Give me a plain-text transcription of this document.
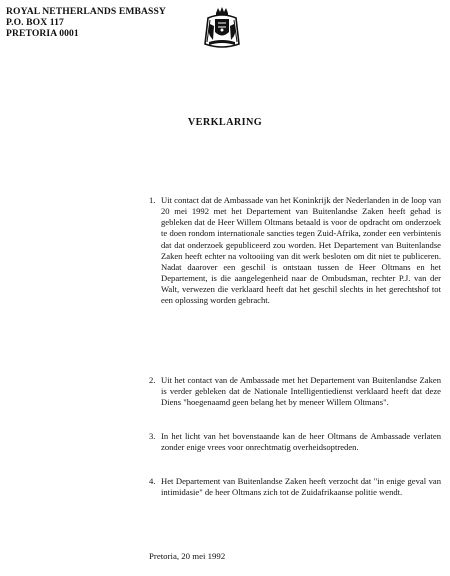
ROYAL NETHERLANDS EMBASSY
P.O. BOX 117
PRETORIA 0001
VERKLARING
1. Uit contact dat de Ambassade van het Koninkrijk der Nederlanden in de loop van 20 mei 1992 met het Departement van Buitenlandse Zaken heeft gehad is gebleken dat de Heer Willem Oltmans betaald is voor de opdracht om onderzoek te doen rondom internationale sancties tegen Zuid-Afrika, zonder een verbintenis dat dat onderzoek gepubliceerd zou worden. Het Departement van Buitenlandse Zaken heeft echter na voltooiing van dit werk besloten om dit niet te publiceren. Nadat daarover een geschil is ontstaan tussen de Heer Oltmans en het Departement, is die aangelegenheid naar de Ombudsman, rechter P.J. van der Walt, verwezen die verklaard heeft dat het geschil slechts in het gerechtshof tot een oplossing worden gebracht.
2. Uit het contact van de Ambassade met het Departement van Buitenlandse Zaken is verder gebleken dat de Nationale Intelligentiedienst verklaard heeft dat deze Diens "hoegenaamd geen belang het by meneer Willem Oltmans".
3. In het licht van het bovenstaande kan de heer Oltmans de Ambassade verlaten zonder enige vrees voor onrechtmatig overheidsoptreden.
4. Het Departement van Buitenlandse Zaken heeft verzocht dat "in enige geval van intimidasie" de heer Oltmans zich tot de Zuidafrikaanse politie wendt.
Pretoria, 20 mei 1992
